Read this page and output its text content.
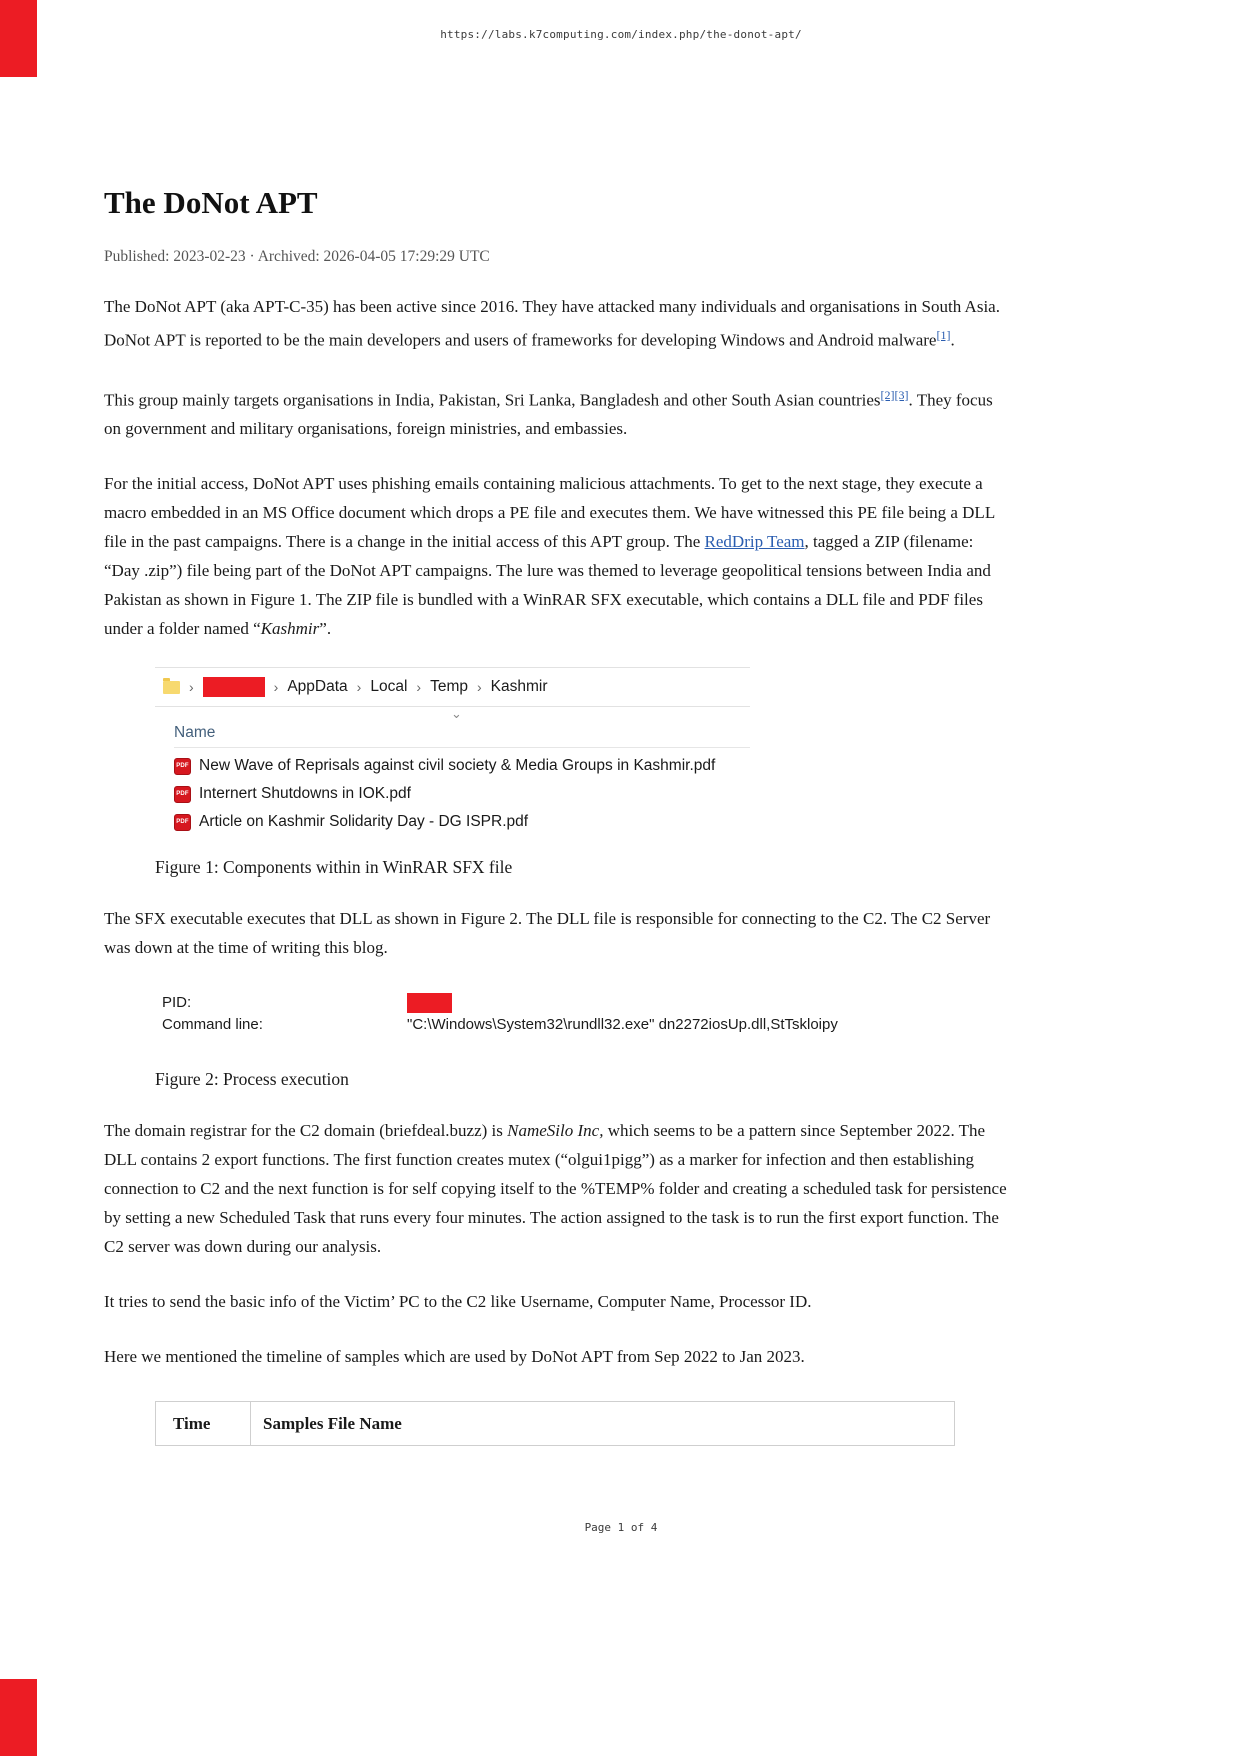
https://labs.k7computing.com/index.php/the-donot-apt/
The DoNot APT
Published: 2023-02-23 · Archived: 2026-04-05 17:29:29 UTC

The DoNot APT (aka APT-C-35) has been active since 2016. They have attacked many individuals and organisations in South Asia. DoNot APT is reported to be the main developers and users of frameworks for developing Windows and Android malware[1].

This group mainly targets organisations in India, Pakistan, Sri Lanka, Bangladesh and other South Asian countries[2][3]. They focus on government and military organisations, foreign ministries, and embassies.

For the initial access, DoNot APT uses phishing emails containing malicious attachments. To get to the next stage, they execute a macro embedded in an MS Office document which drops a PE file and executes them. We have witnessed this PE file being a DLL file in the past campaigns. There is a change in the initial access of this APT group. The RedDrip Team, tagged a ZIP (filename: “Day .zip”) file being part of the DoNot APT campaigns. The lure was themed to leverage geopolitical tensions between India and Pakistan as shown in Figure 1. The ZIP file is bundled with a WinRAR SFX executable, which contains a DLL file and PDF files under a folder named “Kashmir”.

›	› AppData › Local › Temp › Kashmir
⌄
Name
PDF New Wave of Reprisals against civil society & Media Groups in Kashmir.pdf
PDF Internert Shutdowns in IOK.pdf
PDF Article on Kashmir Solidarity Day - DG ISPR.pdf
Figure 1: Components within in WinRAR SFX file

The SFX executable executes that DLL as shown in Figure 2. The DLL file is responsible for connecting to the C2. The C2 Server was down at the time of writing this blog.

PID:
Command line:	"C:\Windows\System32\rundll32.exe" dn2272iosUp.dll,StTskloipy
Figure 2: Process execution

The domain registrar for the C2 domain (briefdeal.buzz) is NameSilo Inc, which seems to be a pattern since September 2022. The DLL contains 2 export functions. The first function creates mutex (“olgui1pigg”) as a marker for infection and then establishing connection to C2 and the next function is for self copying itself to the %TEMP% folder and creating a scheduled task for persistence by setting a new Scheduled Task that runs every four minutes. The action assigned to the task is to run the first export function. The C2 server was down during our analysis.

It tries to send the basic info of the Victim’ PC to the C2 like Username, Computer Name, Processor ID.

Here we mentioned the timeline of samples which are used by DoNot APT from Sep 2022 to Jan 2023.

Time	Samples File Name
Page 1 of 4
